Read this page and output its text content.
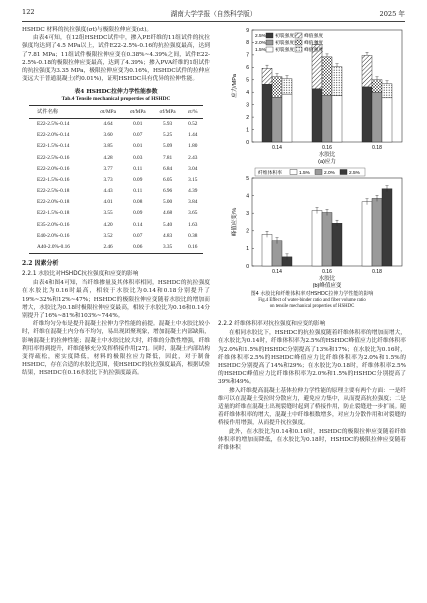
122	湖南大学学报（自然科学版）	2025 年

HSHDC 材料的抗拉强度(σt)与极限拉伸应变(εt)。

由表4可知，在12组HSHDC试件中，掺入PE纤维的11组试件的抗拉强度均达到了4.5 MPa以上，试件E22-2.5%-0.16的抗拉强度最高，达到了7.81 MPa；11组试件极限拉伸应变在0.38%~4.39%之间，试件E22-2.5%-0.18的极限拉伸应变最高，达到了4.39%；掺入PVA纤维的1组试件的抗拉强度为3.35 MPa，极限拉伸应变为0.16%，HSHDC试件的拉伸应变远大于普通混凝土(约0.01%)，证明HSHDC具有优异的拉伸性能。

表4 HSHDC拉伸力学性能参数
Tab.4 Tensile mechanical properties of HSHDC
试件名称	σt/MPa	σt/MPa	σf/MPa	εt/%
E22-2.5%-0.14	4.64	0.01	5.93	0.52
E22-2.0%-0.14	3.60	0.07	5.25	1.44
E22-1.5%-0.14	3.85	0.01	5.09	1.80
E22-2.5%-0.16	4.28	0.03	7.81	2.43
E22-2.0%-0.16	3.77	0.11	6.84	3.04
E22-1.5%-0.16	3.73	0.09	6.05	3.15
E22-2.5%-0.18	4.43	0.11	6.96	4.39
E22-2.0%-0.18	4.01	0.08	5.00	3.84
E22-1.5%-0.18	3.55	0.09	4.68	3.65
E35-2.0%-0.16	4.20	0.14	5.40	1.63
E40-2.0%-0.16	3.52	0.07	4.83	0.38
A40-2.0%-0.16	2.46	0.06	3.35	0.16
2.2 因素分析
2.2.1 水胶比对HSHDC抗拉强度和应变的影响

由表4和图4可知，当纤维掺量及其体积率相同，HSHDC的抗拉强度在水胶比为0.16时最高，相较于水胶比为0.14和0.18分别提升了19%~32%和12%~47%；HSHDC的极限拉伸应变随着水胶比的增加而增大，水胶比为0.18时极限拉伸应变最高，相较于水胶比为0.16和0.14分别提升了16%~81%和103%~744%。

纤维均匀分布是提升混凝土拉伸力学性能的前提。混凝土中水胶比较小时，纤维在混凝土内分布不均匀，易出现团聚现象，增加混凝土内部缺陷，影响混凝土的拉伸性能；混凝土中水胶比较大时，纤维的分散性增强，纤维利用率得到提升，纤维能够充分发挥桥接作用[27]。同时，混凝土内部结构变得疏松，密实度降低，材料的极限拉应力降低，因此，对于制备HSHDC，存在合适的水胶比范围，使HSHDC的抗拉强度最高，根据试验结果，HSHDC在0.16水胶比下抗拉强度最高。

0
1
2
3
4
5
6
7
8
9
应力/MPa
0.14	0.16	0.18
水胶比
(a)应力
2.5% 初裂强度 峰值强度
2.0% 初裂强度 峰值强度
1.5% 初裂强度 峰值强度
0
1
2
3
4
5
峰值应变/%
0.14	0.16	0.18
水胶比
(b)峰值应变
纤维体积率	1.5%	2.0%	2.5%
图4 水胶比和纤维体积率对HSHDC拉伸力学性能的影响
Fig.4 Effect of water-binder ratio and fiber volume ratio
on tensile mechanical properties of HSHDC
2.2.2 纤维体积率对抗拉强度和应变的影响

在相同水胶比下，HSHDC的抗拉强度随着纤维体积率的增加而增大，在水胶比为0.14时，纤维体积率为2.5%的HSHDC峰值应力比纤维体积率为2.0%和1.5%的HSHDC分别提高了13%和17%；在水胶比为0.16时，纤维体积率2.5%的HSHDC峰值应力比纤维体积率为2.0%和1.5%的HSHDC分别提高了14%和29%；在水胶比为0.18时，纤维体积率2.5%的HSHDC峰值应力比纤维体积率为2.0%和1.5%的HSHDC分别提高了39%和49%。

掺入纤维提高混凝土基体拉伸力学性能的原理主要有两个方面：一是纤维可以在混凝土受拉时分散应力，避免应力集中，从而提高抗拉强度；二是适量的纤维在混凝土出现裂缝时起到了桥接作用，防止裂缝进一步扩展。随着纤维体积率的增大，混凝土中纤维根数增多，对应力分散作用和对裂缝的桥接作用增强，从而提升抗拉强度。

此外，在水胶比为0.14和0.16时，HSHDC的极限拉伸应变随着纤维体积率的增加而降低，在水胶比为0.18时，HSHDC的极限拉伸应变随着纤维体积
